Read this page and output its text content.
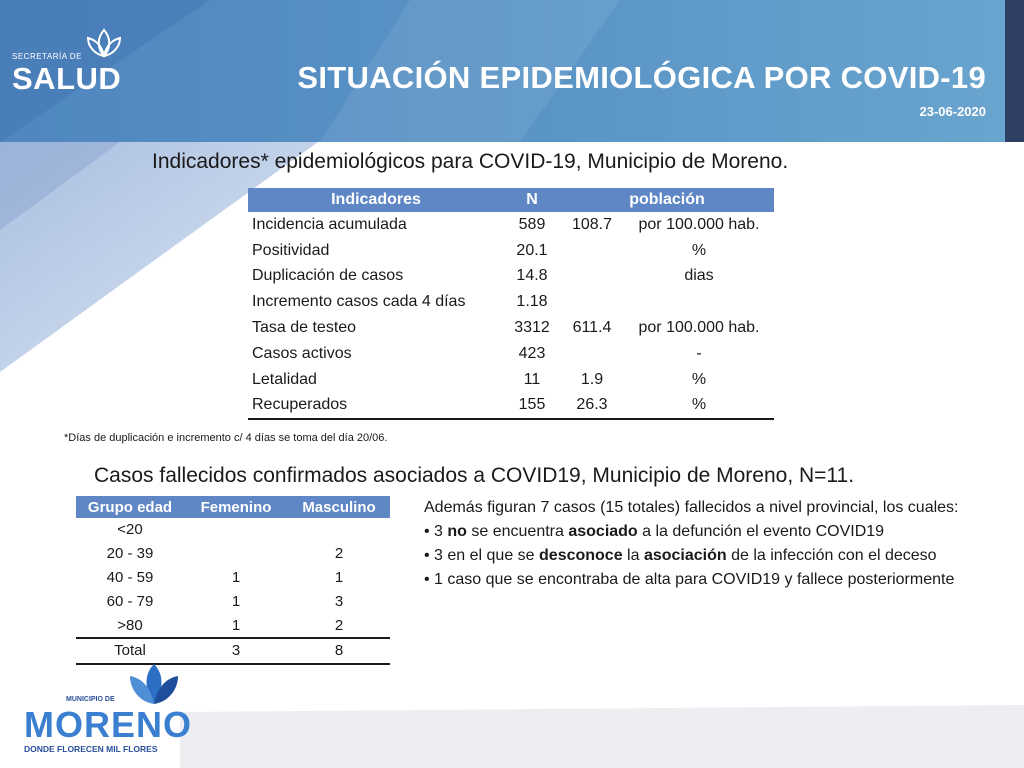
SECRETARÍA DE
SALUD	SITUACIÓN EPIDEMIOLÓGICA POR COVID-19
23-06-2020
Indicadores* epidemiológicos para COVID-19, Municipio de Moreno.
Indicadores	N	población	
Incidencia acumulada	589	108.7	por 100.000 hab.
Positividad	20.1		%
Duplicación de casos	14.8		dias
Incremento casos cada 4 días	1.18		
Tasa de testeo	3312	611.4	por 100.000 hab.
Casos activos	423		-
Letalidad	11	1.9	%
Recuperados	155	26.3	%
*Días de duplicación e incremento c/ 4 días se toma del día 20/06.
Casos fallecidos confirmados asociados a COVID19, Municipio de Moreno, N=11.
Grupo edad	Femenino	Masculino
<20		
20 - 39		2
40 - 59	1	1
60 - 79	1	3
>80	1	2
Total	3	8

Además figuran 7 casos (15 totales) fallecidos a nivel provincial, los cuales:

• 3 no se encuentra asociado a la defunción el evento COVID19

• 3 en el que se desconoce la asociación de la infección con el deceso

• 1 caso que se encontraba de alta para COVID19 y fallece posteriormente

MUNICIPIO DE
MORENO
DONDE FLORECEN MIL FLORES
